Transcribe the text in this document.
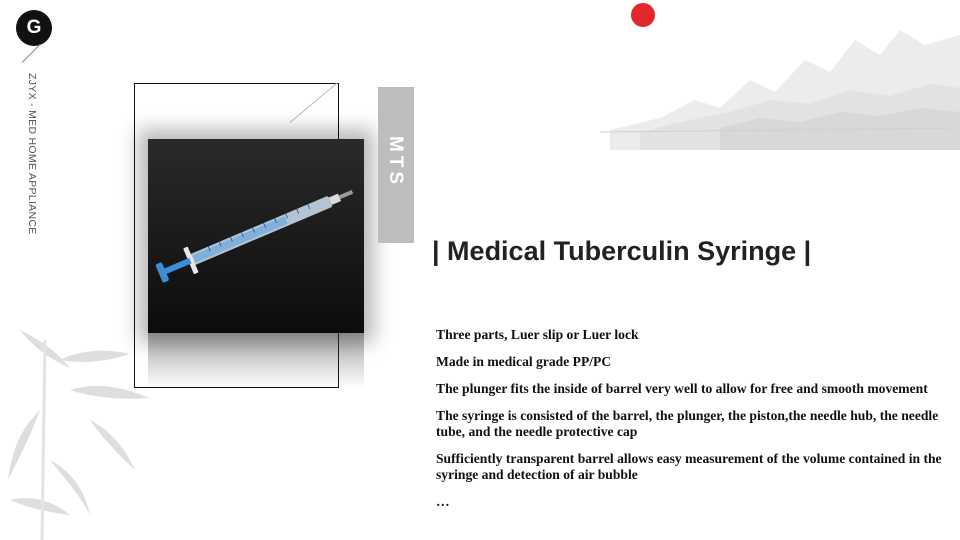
G
ZJYX - MED HOME APPLIANCE	MTS
| Medical Tuberculin Syringe |
Three parts, Luer slip or Luer lock
Made in medical grade PP/PC
The plunger fits the inside of barrel very well to allow for free and smooth movement
The syringe is consisted of the barrel, the plunger, the piston,the needle hub, the needle tube, and the needle protective cap
Sufficiently transparent barrel allows easy measurement of the volume contained in the syringe and detection of air bubble
…
